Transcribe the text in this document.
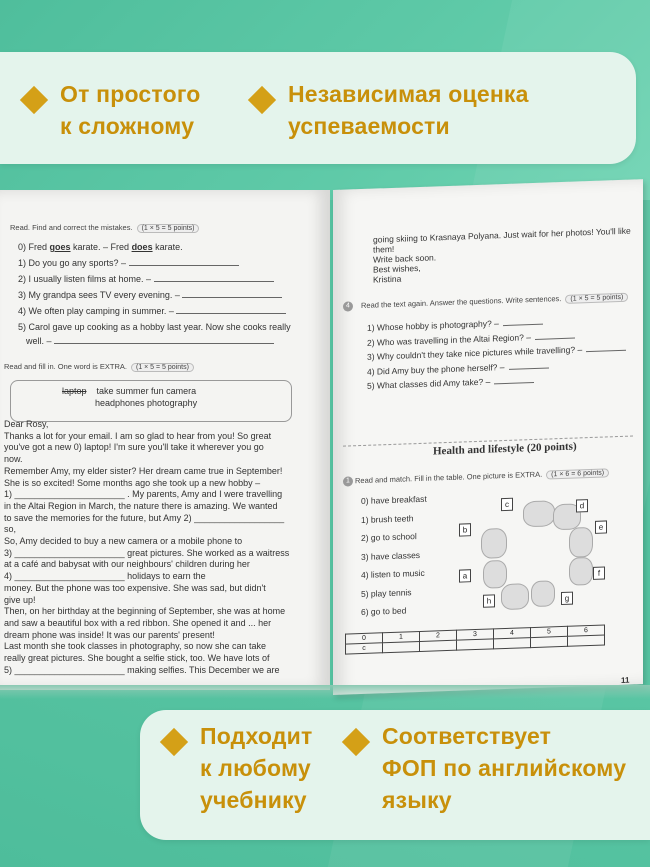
От простого
к сложному
Независимая оценка
успеваемости
Read. Find and correct the mistakes. (1 × 5 = 5 points)
0) Fred goes karate. – Fred does karate.
1) Do you go any sports? –
2) I usually listen films at home. –
3) My grandpa sees TV every evening. –
4) We often play camping in summer. –
5) Carol gave up cooking as a hobby last year. Now she cooks really
well. –
Read and fill in. One word is EXTRA. (1 × 5 = 5 points)
laptop take summer fun camera
headphones photography
Dear Rosy,
Thanks a lot for your email. I am so glad to hear from you! So great
you've got a new 0) laptop! I'm sure you'll take it wherever you go
now.
Remember Amy, my elder sister? Her dream came true in September!
She is so excited! Some months ago she took up a new hobby –
1) ______________________ . My parents, Amy and I were travelling
in the Altai Region in March, the nature there is amazing. We wanted
to save the memories for the future, but Amy 2) __________________
so,
So, Amy decided to buy a new camera or a mobile phone to
3) ______________________ great pictures. She worked as a waitress
at a café and babysat with our neighbours' children during her
4) ______________________ holidays to earn the
money. But the phone was too expensive. She was sad, but didn't
give up!
Then, on her birthday at the beginning of September, she was at home
and saw a beautiful box with a red ribbon. She opened it and ... her
dream phone was inside! It was our parents' present!
Last month she took classes in photography, so now she can take
really great pictures. She bought a selfie stick, too. We have lots of
5) ______________________ making selfies. This December we are
going skiing to Krasnaya Polyana. Just wait for her photos! You'll like
them!
Write back soon.
Best wishes,
Kristina
4	Read the text again. Answer the questions. Write sentences. (1 × 5 = 5 points)
1) Whose hobby is photography? –
2) Who was travelling in the Altai Region? –
3) Why couldn't they take nice pictures while travelling? –
4) Did Amy buy the phone herself? –
5) What classes did Amy take? –
Health and lifestyle (20 points)
1 Read and match. Fill in the table. One picture is EXTRA. (1 × 6 = 6 points)
0) have breakfast
1) brush teeth
2) go to school
3) have classes
4) listen to music
5) play tennis
6) go to bed
c	d
b	e
a	f
h	g
0	1	2	3	4	5	6
c						
11
Подходит
к любому
учебнику
Соответствует
ФОП по английскому
языку
